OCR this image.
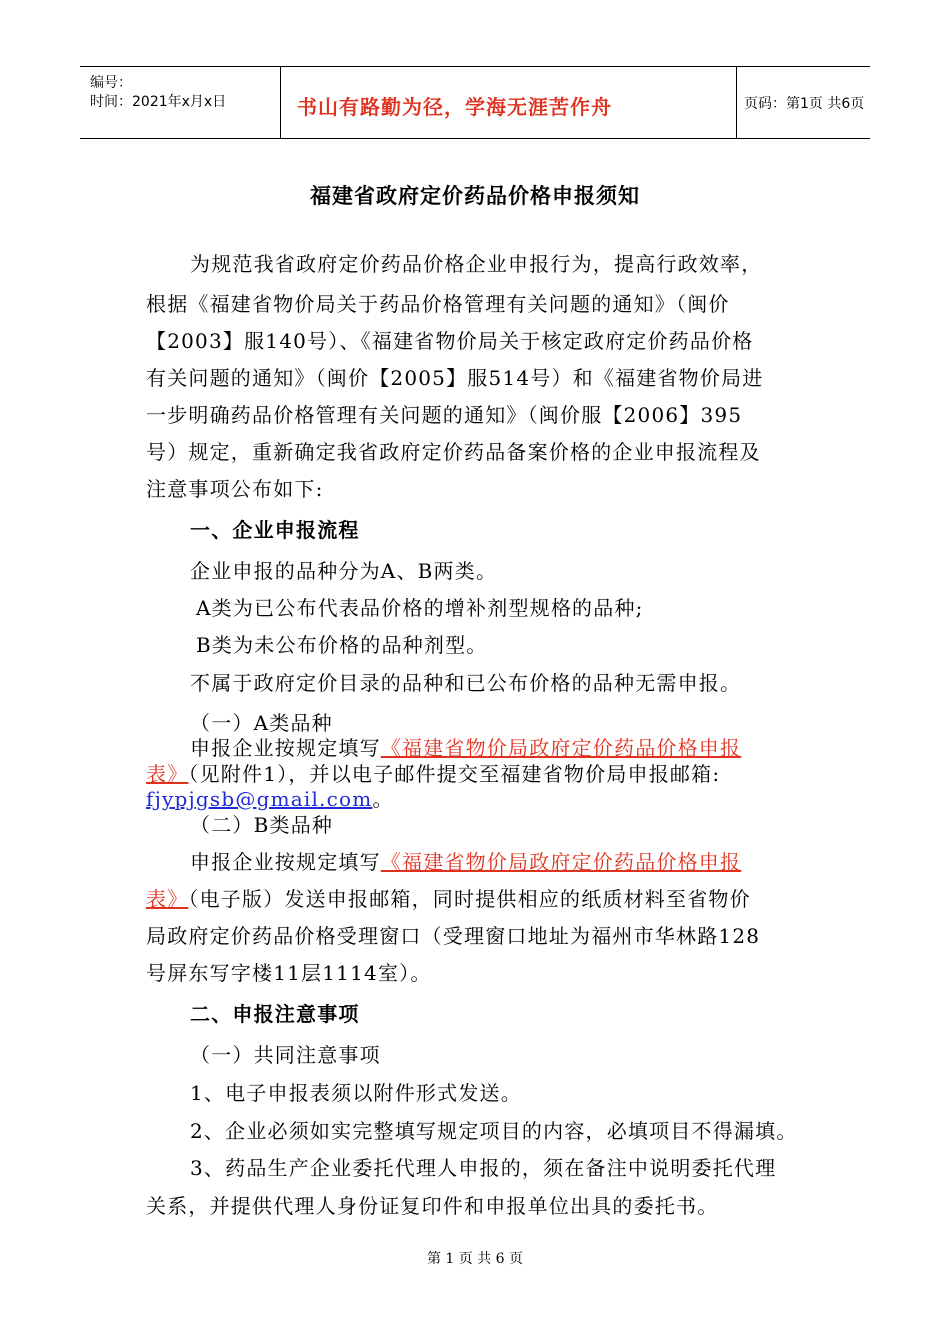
编号：
时间：2021年x月x日	书山有路勤为径，学海无涯苦作舟	页码：第1页 共6页
福建省政府定价药品价格申报须知
为规范我省政府定价药品价格企业申报行为，提高行政效率，
根据《福建省物价局关于药品价格管理有关问题的通知》（闽价
【2003】服140号）、《福建省物价局关于核定政府定价药品价格
有关问题的通知》（闽价【2005】服514号）和《福建省物价局进
一步明确药品价格管理有关问题的通知》（闽价服【2006】395
号）规定，重新确定我省政府定价药品备案价格的企业申报流程及
注意事项公布如下:
一、企业申报流程
企业申报的品种分为A、B两类。
A类为已公布代表品价格的增补剂型规格的品种;
B类为未公布价格的品种剂型。
不属于政府定价目录的品种和已公布价格的品种无需申报。
（一）A类品种
申报企业按规定填写《福建省物价局政府定价药品价格申报
表》（见附件1），并以电子邮件提交至福建省物价局申报邮箱:
fjypjgsb@gmail.com。
（二）B类品种
申报企业按规定填写《福建省物价局政府定价药品价格申报
表》（电子版）发送申报邮箱，同时提供相应的纸质材料至省物价
局政府定价药品价格受理窗口（受理窗口地址为福州市华林路128
号屏东写字楼11层1114室）。
二、申报注意事项
（一）共同注意事项
1、电子申报表须以附件形式发送。
2、企业必须如实完整填写规定项目的内容，必填项目不得漏填。
3、药品生产企业委托代理人申报的，须在备注中说明委托代理
关系，并提供代理人身份证复印件和申报单位出具的委托书。
第 1 页 共 6 页
